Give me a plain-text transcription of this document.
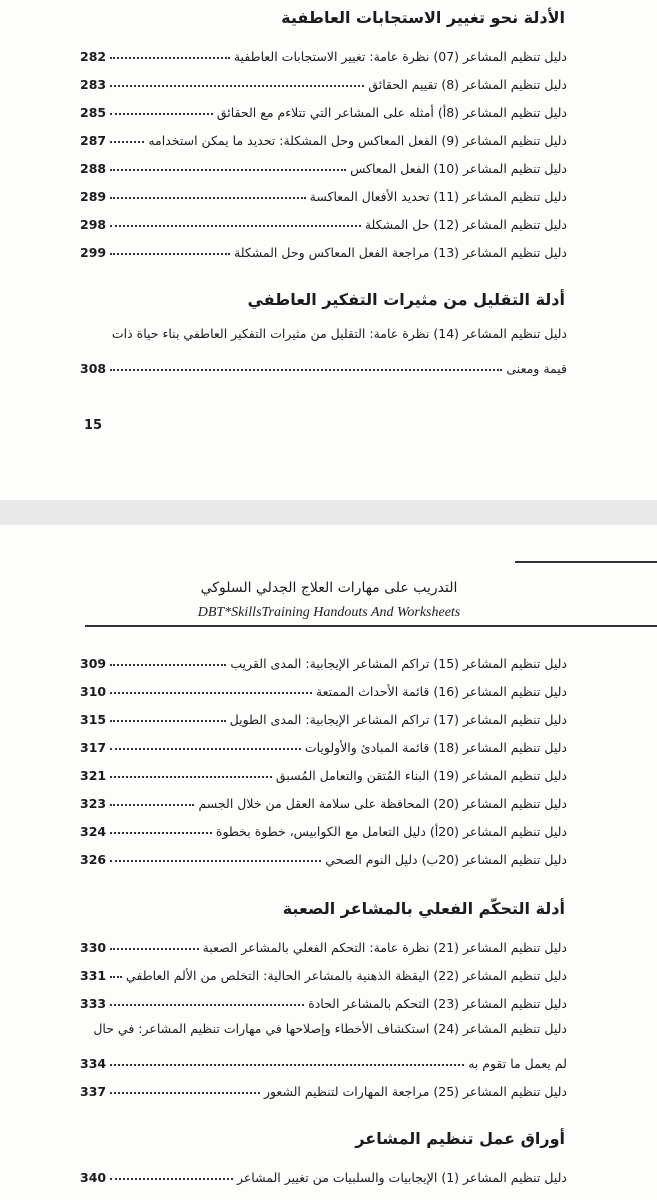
الأدلة نحو تغيير الاستجابات العاطفية
دليل تنظيم المشاعر (07) نظرة عامة: تغيير الاستجابات العاطفية
282
دليل تنظيم المشاعر (8) تقييم الحقائق
283
دليل تنظيم المشاعر (8أ) أمثله على المشاعر التي تتلاءم مع الحقائق
285
دليل تنظيم المشاعر (9) الفعل المعاكس وحل المشكلة: تحديد ما يمكن استخدامه
287
دليل تنظيم المشاعر (10) الفعل المعاكس
288
دليل تنظيم المشاعر (11) تحديد الأفعال المعاكسة
289
دليل تنظيم المشاعر (12) حل المشكلة
298
دليل تنظيم المشاعر (13) مراجعة الفعل المعاكس وحل المشكلة
299
أدلة التقليل من مثيرات التفكير العاطفي
دليل تنظيم المشاعر (14) نظرة عامة: التقليل من مثيرات التفكير العاطفي بناء حياة ذات
قيمة ومعنى
308
15
التدريب على مهارات العلاج الجدلي السلوكي
DBT*SkillsTraining Handouts And Worksheets
دليل تنظيم المشاعر (15) تراكم المشاعر الإيجابية: المدى القريب
309
دليل تنظيم المشاعر (16) قائمة الأحداث الممتعة
310
دليل تنظيم المشاعر (17) تراكم المشاعر الإيجابية: المدى الطويل
315
دليل تنظيم المشاعر (18) قائمة المبادئ والأولويات
317
دليل تنظيم المشاعر (19) البناء المُتقن والتعامل المُسبق
321
دليل تنظيم المشاعر (20) المحافظة على سلامة العقل من خلال الجسم
323
دليل تنظيم المشاعر (20أ) دليل التعامل مع الكوابيس، خطوة بخطوة
324
دليل تنظيم المشاعر (20ب) دليل النوم الصحي
326
أدلة التحكّم الفعلي بالمشاعر الصعبة
دليل تنظيم المشاعر (21) نظرة عامة: التحكم الفعلي بالمشاعر الصعبة
330
دليل تنظيم المشاعر (22) اليقظة الذهنية بالمشاعر الحالية: التخلص من الألم العاطفي
331
دليل تنظيم المشاعر (23) التحكم بالمشاعر الحادة
333
دليل تنظيم المشاعر (24) استكشاف الأخطاء وإصلاحها في مهارات تنظيم المشاعر: في حال
لم يعمل ما تقوم به
334
دليل تنظيم المشاعر (25) مراجعة المهارات لتنظيم الشعور
337
أوراق عمل تنظيم المشاعر
دليل تنظيم المشاعر (1) الإيجابيات والسلبيات من تغيير المشاعر
340
